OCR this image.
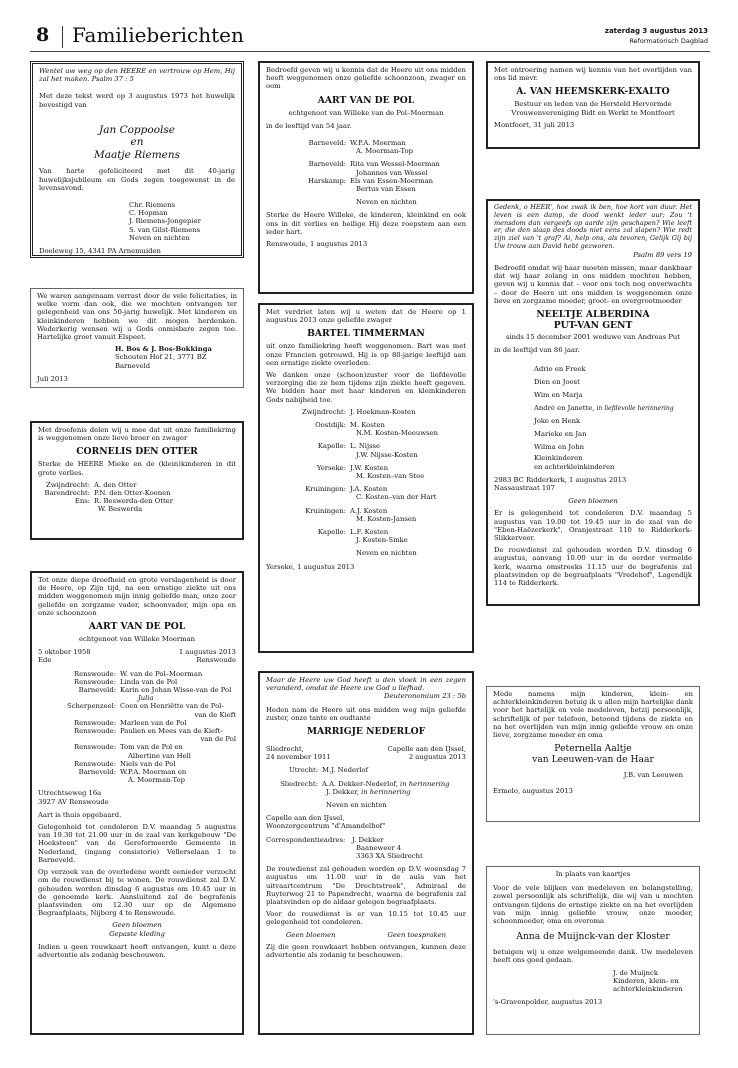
8 Familieberichten	zaterdag 3 augustus 2013
Reformatorisch Dagblad

Wentel uw weg op den HEERE en vertrouw op Hem, Hij zal het maken. Psalm 37 : 5

Met deze tekst werd op 3 augustus 1973 het huwelijk bevestigd van

Jan Coppoolse
en
Maatje Riemens

Van harte gefeliciteerd met dit 40-jarig huwelijksjubileum en Gods zegen toegewenst in de levensavond.

Chr. Riemens
C. Hopman
J. Riemens-Jongepier
S. van Gilst-Riemens
Neven en nichten
Doeleweg 15, 4341 PA Arnemuiden

We waren aangenaam verrast door de vele felicitaties, in welke vorm dan ook, die we mochten ontvangen ter gelegenheid van ons 50-jarig huwelijk. Met kinderen en kleinkinderen hebben we dit mogen herdenken. Wederkerig wensen wij u Gods onmisbare zegen toe. Hartelijke groet vanuit Elspeet.

H. Bos & J. Bos-Bokkinga
Schouten Hof 21, 3771 BZ Barneveld
Juli 2013

Met droefenis delen wij u mee dat uit onze familiekring is weggenomen onze lieve broer en zwager

CORNELIS DEN OTTER

Sterke de HEERE Mieke en de (klein)kinderen in dit grote verlies.

Zwijndrecht: A. den Otter
Barendrecht: P.N. den Otter-Koenen
Ens: R. Beswerda-den Otter
W. Beswerda

Tot onze diepe droefheid en grote verslagenheid is door de Heere, op Zijn tijd, na een ernstige ziekte uit ons midden weggenomen mijn innig geliefde man, onze zeer geliefde en zorgzame vader, schoonvader, mijn opa en onze schoonzoon

AART VAN DE POL
echtgenoot van Willeke Moerman
5 oktober 1958	1 augustus 2013
Ede	Renswoude
Renswoude: W. van de Pol–Moerman
Renswoude: Linda van de Pol
Barneveld: Karin en Johan Wisse-van de Pol
Julia
Scherpenzeel: Coen en Henriëtte van de Pol-
van de Kieft
Renswoude: Marleen van de Pol
Renswoude: Paulien en Mees van de Kieft-
van de Pol
Renswoude: Tom van de Pol en
Albertine van Hell
Renswoude: Niels van de Pol
Barneveld: W.P.A. Moerman en
A. Moerman-Top
Utrechtseweg 16a
3927 AV Renswoude

Aart is thuis opgebaard.

Gelegenheid tot condoleren D.V. maandag 5 augustus van 19.30 tot 21.00 uur in de zaal van kerkgebouw "De Hoeksteen" van de Gereformeerde Gemeente in Nederland, (ingang consistorie) Vellerselaan 1 te Barneveld.

Op verzoek van de overledene wordt eenieder verzocht om de rouwdienst bij te wonen. De rouwdienst zal D.V. gehouden worden dinsdag 6 augustus om 10.45 uur in de genoemde kerk. Aansluitend zal de begrafenis plaatsvinden om 12.30 uur op de Algemene Begraafplaats, Nijborg 4 te Renswoude.

Geen bloemen
Gepaste kleding

Indien u geen rouwkaart heeft ontvangen, kunt u deze advertentie als zodanig beschouwen.

Bedroefd geven wij u kennis dat de Heere uit ons midden heeft weggenomen onze geliefde schoonzoon, zwager en oom

AART VAN DE POL
echtgenoot van Willeke van de Pol–Moerman

in de leeftijd van 54 jaar.

Barneveld: W.P.A. Moerman
A. Moerman-Top
Barneveld: Rita van Wessel-Moerman
Johannes van Wessel
Harskamp: Els van Essen-Moerman
Bertus van Essen
Neven en nichten

Sterke de Heere Willeke, de kinderen, kleinkind en ook ons in dit verlies en heilige Hij deze roepstem aan een ieder hart.

Renswoude, 1 augustus 2013

Met verdriet laten wij u weten dat de Heere op 1 augustus 2013 onze geliefde zwager

BARTEL TIMMERMAN

uit onze familiekring heeft weggenomen. Bart was met onze Francien getrouwd. Hij is op 80-jarige leeftijd aan een ernstige ziekte overleden.

We danken onze (schoon)zuster voor de liefdevolle verzorging die ze hem tijdens zijn ziekte heeft gegeven. We bidden haar met haar kinderen en kleinkinderen Gods nabijheid toe.

Zwijndrecht: J. Hoekman-Kosten
Oostdijk: M. Kosten
N.M. Kosten-Meeuwsen
Kapelle: L. Nijsse
J.W. Nijsse-Kosten
Yerseke: J.W. Kosten
M. Kosten–van Stee
Kruiningen: J.A. Kosten
C. Kosten–van der Hart
Kruiningen: A.J. Kosten
M. Kosten-Jansen
Kapelle: L.F. Kosten
J. Kosten-Sinke
Neven en nichten
Yerseke, 1 augustus 2013

Maar de Heere uw God heeft u den vloek in een zegen veranderd, omdat de Heere uw God u liefhad.

Deuteronomium 23 : 5b

Heden nam de Heere uit ons midden weg mijn geliefde zuster, onze tante en oudtante

MARRIGJE NEDERLOF
Sliedrecht,	Capelle aan den IJssel,
24 november 1911	2 augustus 2013
Utrecht: M.J. Nederlof
Sliedrecht: A.A. Dekker-Nederlof, in herinnering
J. Dekker, in herinnering
Neven en nichten
Capelle aan den IJssel,
Woonzorgcentrum "d'Amandelhof"
Correspondentieadres: J. Dekker
Baaneweer 4
3363 XA Sliedrecht

De rouwdienst zal gehouden worden op D.V. woensdag 7 augustus om 11.00 uur in de aula van het uitvaartcentrum "De Drechtstreek", Admiraal de Ruyterweg 21 te Papendrecht, waarna de begrafenis zal plaatsvinden op de aldaar gelegen begraafplaats.

Voor de rouwdienst is er van 10.15 tot 10.45 uur gelegenheid tot condoleren.

Geen bloemen	Geen toespraken

Zij die geen rouwkaart hebben ontvangen, kunnen deze advertentie als zodanig te beschouwen.

Met ontroering namen wij kennis van het overlijden van ons lid mevr.

A. VAN HEEMSKERK-EXALTO
Bestuur en leden van de Hersteld Hervormde Vrouwenvereniging Bidt en Werkt te Montfoort
Montfoort, 31 juli 2013

Gedenk, o HEER', hoe zwak ik ben, hoe kort van duur. Het leven is een damp, de dood wenkt ieder uur; Zou 't mensdom dan vergeefs op aarde zijn geschapen? Wie leeft er, die den slaap des doods niet eens zal slapen? Wie redt zijn ziel van 't graf? Ai, help ons, als tevoren, Gelijk Gij bij Uw trouw aan David hebt gezworen.

Psalm 89 vers 19

Bedroefd omdat wij haar moeten missen, maar dankbaar dat wij haar zolang in ons midden mochten hebben, geven wij u kennis dat – voor ons toch nog onverwachts – door de Heere uit ons midden is weggenomen onze lieve en zorgzame moeder, groot- en overgrootmoeder

NEELTJE ALBERDINA
PUT-VAN GENT
sinds 15 december 2001 weduwe van Andreas Put

in de leeftijd van 86 jaar.

Adrie en Freek
Dien en Joost
Wim en Marja
André en Janette, in liefdevolle herinnering
Joke en Henk
Marieke en Jan
Wilma en John
Kleinkinderen
en achterkleinkinderen
2983 BC Ridderkerk, 1 augustus 2013
Nassaustraat 107
Geen bloemen

Er is gelegenheid tot condoleren D.V. maandag 5 augustus van 19.00 tot 19.45 uur in de zaal van de "Eben-Haëzerkerk", Oranjestraat 110 te Ridderkerk-Slikkerveer.

De rouwdienst zal gehouden worden D.V. dinsdag 6 augustus, aanvang 10.00 uur in de eerder vermelde kerk, waarna omstreeks 11.15 uur de begrafenis zal plaatsvinden op de begraafplaats "Vredehof", Lagendijk 114 te Ridderkerk.

Mede namens mijn kinderen, klein- en achterkleinkinderen betuig ik u allen mijn hartelijke dank voor het hartelijk en vele medeleven, hetzij persoonlijk, schriftelijk of per telefoon, betoond tijdens de ziekte en na het overlijden van mijn innig geliefde vrouw en onze lieve, zorgzame moeder en oma

Peternella Aaltje
van Leeuwen-van de Haar
J.B. van Leeuwen
Ermelo, augustus 2013
In plaats van kaartjes

Voor de vele blijken van medeleven en belangstelling, zowel persoonlijk als schriftelijk, die wij van u mochten ontvangen tijdens de ernstige ziekte en na het overlijden van mijn innig geliefde vrouw, onze moeder, schoonmoeder, oma en overoma

Anna de Muijnck-van der Kloster

betuigen wij u onze welgemeende dank. Uw medeleven heeft ons goed gedaan.

J. de Muijnck
Kinderen, klein- en
achterkleinkinderen
's-Gravenpolder, augustus 2013
